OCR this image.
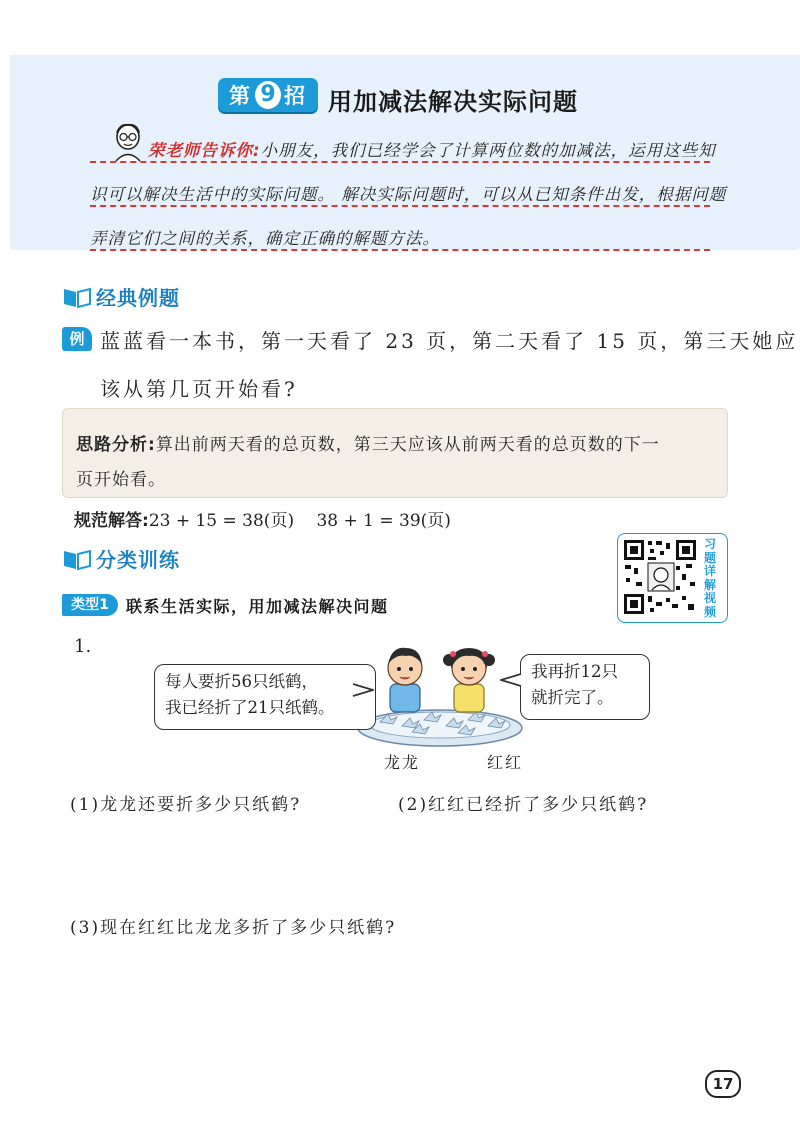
第 9 招 用加减法解决实际问题
荣老师告诉你:小朋友，我们已经学会了计算两位数的加减法，运用这些知
识可以解决生活中的实际问题。 解决实际问题时，可以从已知条件出发，根据问题
弄清它们之间的关系，确定正确的解题方法。
经典例题
例 蓝蓝看一本书，第一天看了 23 页，第二天看了 15 页，第三天她应
该从第几页开始看?
思路分析:算出前两天看的总页数，第三天应该从前两天看的总页数的下一
页开始看。
规范解答:23 + 15 = 38(页)　 38 + 1 = 39(页)
分类训练
习
题
详
解
视
频
类型1	联系生活实际，用加减法解决问题
1.
每人要折56只纸鹤，
我已经折了21只纸鹤。
我再折12只
就折完了。
龙龙	红红
(1)龙龙还要折多少只纸鹤?	(2)红红已经折了多少只纸鹤?
(3)现在红红比龙龙多折了多少只纸鹤?
17
